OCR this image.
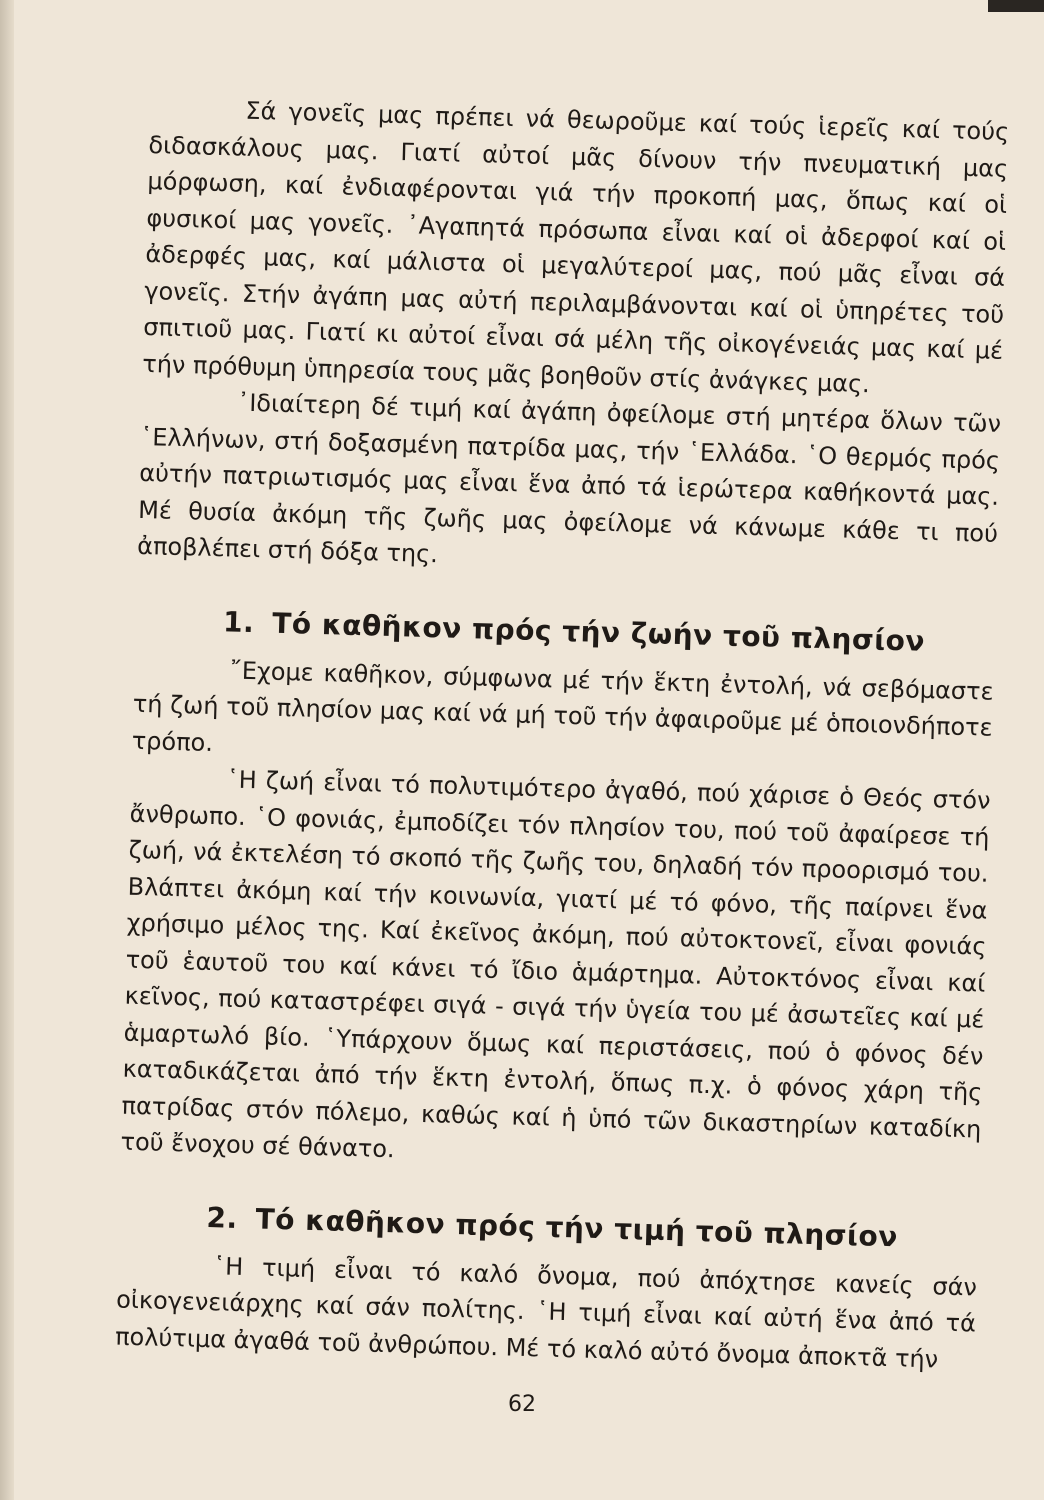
Σά γονεῖς μας πρέπει νά θεωροῦμε καί τούς ἱερεῖς καί τούς διδασκάλους μας. Γιατί αὐτοί μᾶς δίνουν τήν πνευματική μας μόρφωση, καί ἐνδιαφέρονται γιά τήν προκοπή μας, ὅπως καί οἱ φυσικοί μας γονεῖς. ᾿Αγαπητά πρόσωπα εἶναι καί οἱ ἀδερφοί καί οἱ ἀδερφές μας, καί μάλιστα οἱ μεγαλύτεροί μας, πού μᾶς εἶναι σά γονεῖς. Στήν ἀγάπη μας αὐτή περιλαμβάνονται καί οἱ ὑπηρέτες τοῦ σπιτιοῦ μας. Γιατί κι αὐτοί εἶναι σά μέλη τῆς οἰκογένειάς μας καί μέ τήν πρόθυμη ὑπηρεσία τους μᾶς βοηθοῦν στίς ἀνάγκες μας.

᾿Ιδιαίτερη δέ τιμή καί ἀγάπη ὀφείλομε στή μητέρα ὅλων τῶν ῾Ελλήνων, στή δοξασμένη πατρίδα μας, τήν ῾Ελλάδα. ῾Ο θερμός πρός αὐτήν πατριωτισμός μας εἶναι ἕνα ἀπό τά ἱερώτερα καθήκοντά μας. Μέ θυσία ἀκόμη τῆς ζωῆς μας ὀφείλομε νά κάνωμε κάθε τι πού ἀποβλέπει στή δόξα της.

1. Τό καθῆκον πρός τήν ζωήν τοῦ πλησίον

῎Εχομε καθῆκον, σύμφωνα μέ τήν ἕκτη ἐντολή, νά σεβόμαστε τή ζωή τοῦ πλησίον μας καί νά μή τοῦ τήν ἀφαιροῦμε μέ ὁποιονδήποτε τρόπο.

῾Η ζωή εἶναι τό πολυτιμότερο ἀγαθό, πού χάρισε ὁ Θεός στόν ἄνθρωπο. ῾Ο φονιάς, ἐμποδίζει τόν πλησίον του, πού τοῦ ἀφαίρεσε τή ζωή, νά ἐκτελέση τό σκοπό τῆς ζωῆς του, δηλαδή τόν προορισμό του. Βλάπτει ἀκόμη καί τήν κοινωνία, γιατί μέ τό φόνο, τῆς παίρνει ἕνα χρήσιμο μέλος της. Καί ἐκεῖνος ἀκόμη, πού αὐτοκτονεῖ, εἶναι φονιάς τοῦ ἑαυτοῦ του καί κάνει τό ἴδιο ἁμάρτημα. Αὐτοκτόνος εἶναι καί κεῖνος, πού καταστρέφει σιγά - σιγά τήν ὑγεία του μέ ἀσωτεῖες καί μέ ἁμαρτωλό βίο. ῾Υπάρχουν ὅμως καί περιστάσεις, πού ὁ φόνος δέν καταδικάζεται ἀπό τήν ἕκτη ἐντολή, ὅπως π.χ. ὁ φόνος χάρη τῆς πατρίδας στόν πόλεμο, καθώς καί ἡ ὑπό τῶν δικαστηρίων καταδίκη τοῦ ἔνοχου σέ θάνατο.

2. Τό καθῆκον πρός τήν τιμή τοῦ πλησίον

῾Η τιμή εἶναι τό καλό ὄνομα, πού ἀπόχτησε κανείς σάν οἰκογενειάρχης καί σάν πολίτης. ῾Η τιμή εἶναι καί αὐτή ἕνα ἀπό τά πολύτιμα ἀγαθά τοῦ ἀνθρώπου. Μέ τό καλό αὐτό ὄνομα ἀποκτᾶ τήν

62
